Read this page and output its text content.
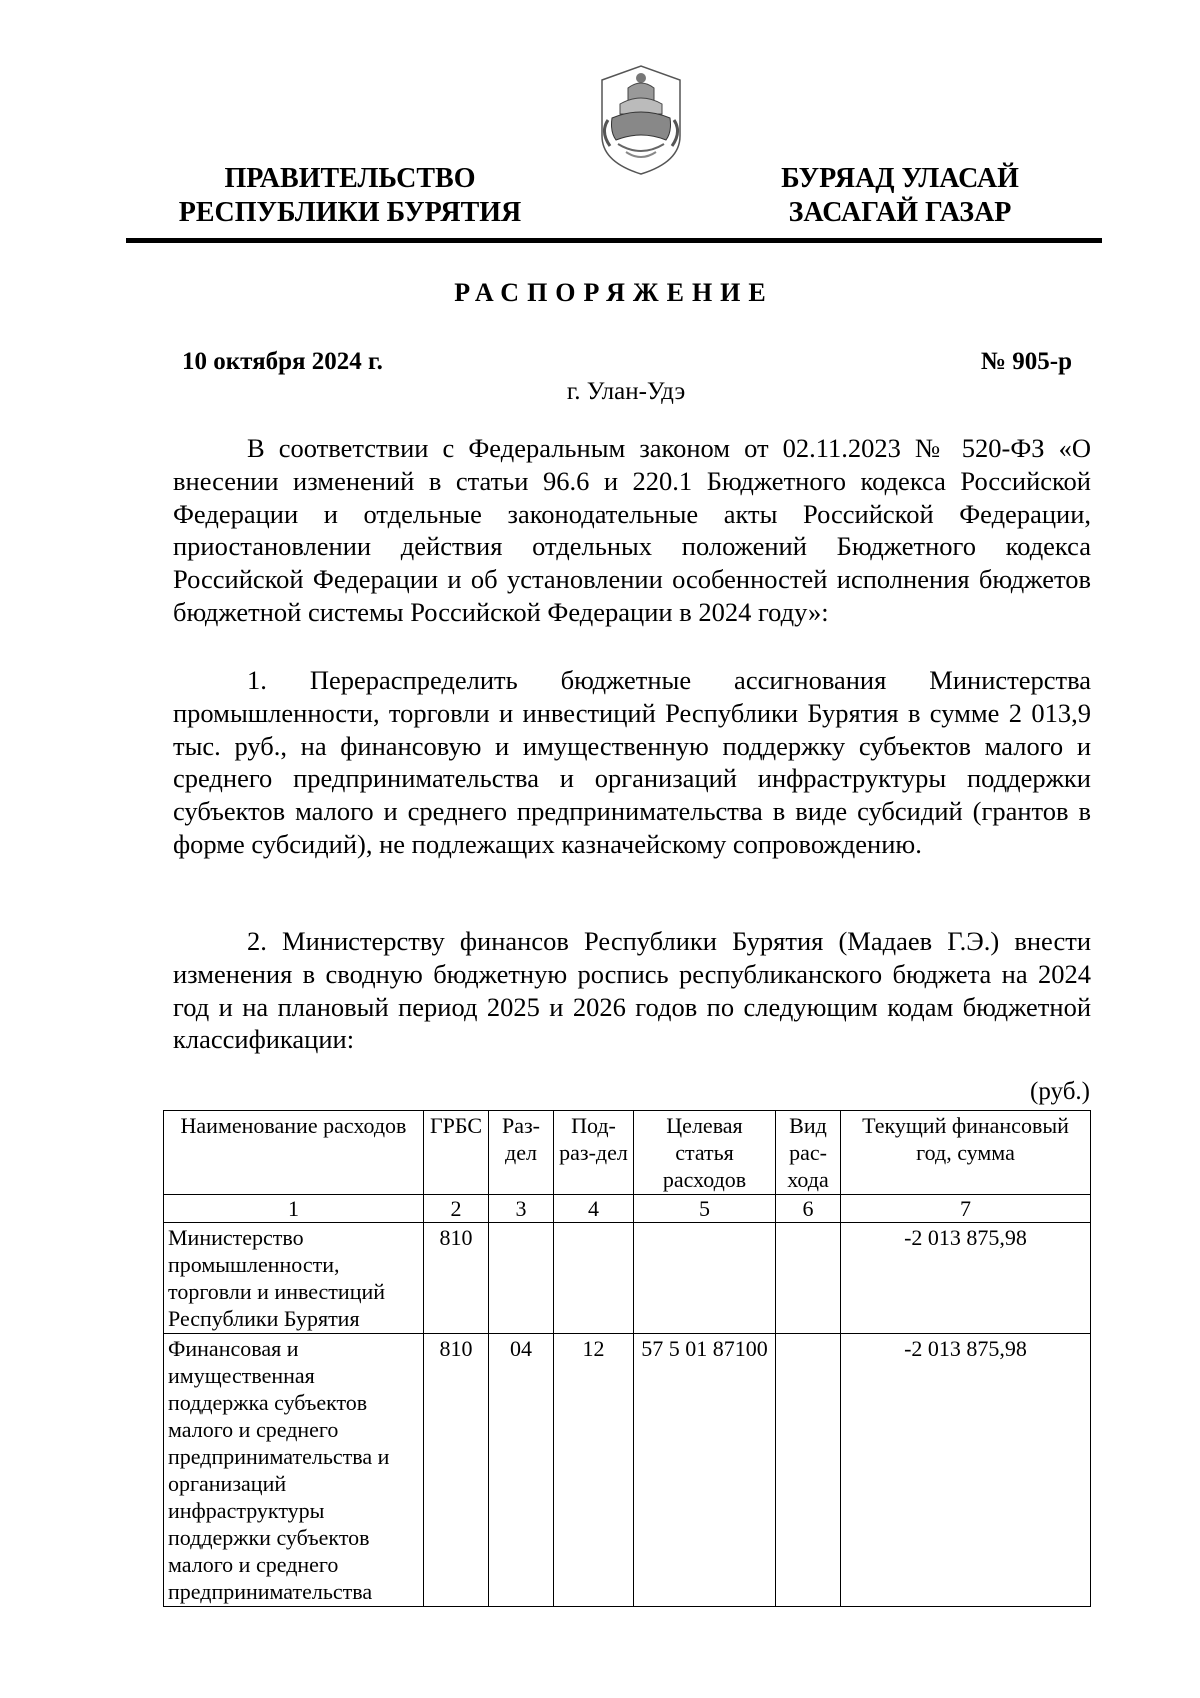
ПРАВИТЕЛЬСТВО
РЕСПУБЛИКИ БУРЯТИЯ
БУРЯАД УЛАСАЙ
ЗАСАГАЙ ГАЗАР
РАСПОРЯЖЕНИЕ
10 октября 2024 г.	№ 905-р
г. Улан-Удэ

В соответствии с Федеральным законом от 02.11.2023 № 520-ФЗ «О внесении изменений в статьи 96.6 и 220.1 Бюджетного кодекса Российской Федерации и отдельные законодательные акты Российской Федерации, приостановлении действия отдельных положений Бюджетного кодекса Российской Федерации и об установлении особенностей исполнения бюджетов бюджетной системы Российской Федерации в 2024 году»:

1. Перераспределить бюджетные ассигнования Министерства промышленности, торговли и инвестиций Республики Бурятия в сумме 2 013,9 тыс. руб., на финансовую и имущественную поддержку субъектов малого и среднего предпринимательства и организаций инфраструктуры поддержки субъектов малого и среднего предпринимательства в виде субсидий (грантов в форме субсидий), не подлежащих казначейскому сопровождению.

2. Министерству финансов Республики Бурятия (Мадаев Г.Э.) внести изменения в сводную бюджетную роспись республиканского бюджета на 2024 год и на плановый период 2025 и 2026 годов по следующим кодам бюджетной классификации:

(руб.)
Наименование расходов	ГРБС	Раз-дел	Под-раз-дел	Целевая статья расходов	Вид рас-хода	Текущий финансовый год, сумма
1	2	3	4	5	6	7
Министерство промышленности, торговли и инвестиций Республики Бурятия	810					-2 013 875,98
Финансовая и имущественная поддержка субъектов малого и среднего предпринимательства и организаций инфраструктуры поддержки субъектов малого и среднего предпринимательства	810	04	12	57 5 01 87100		-2 013 875,98
